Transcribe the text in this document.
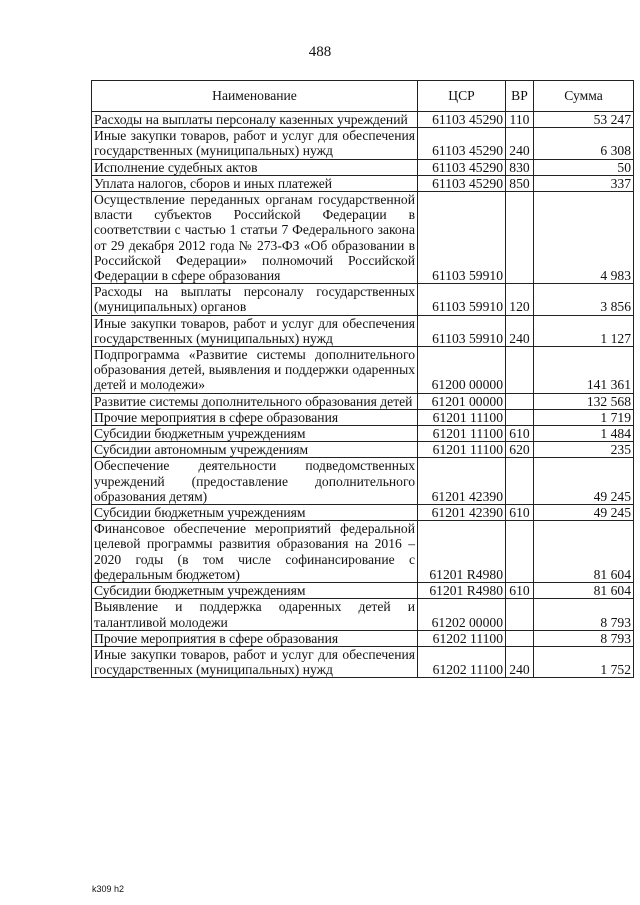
488
Наименование	ЦСР	ВР	Сумма
Расходы на выплаты персоналу казенных учреждений	61103 45290	110	53 247
Иные закупки товаров, работ и услуг для обеспечения государственных (муниципальных) нужд	61103 45290	240	6 308
Исполнение судебных актов	61103 45290	830	50
Уплата налогов, сборов и иных платежей	61103 45290	850	337
Осуществление переданных органам государственной власти субъектов Российской Федерации в соответствии с частью 1 статьи 7 Федерального закона от 29 декабря 2012 года № 273-ФЗ «Об образовании в Российской Федерации» полномочий Российской Федерации в сфере образования	61103 59910		4 983
Расходы на выплаты персоналу государственных (муниципальных) органов	61103 59910	120	3 856
Иные закупки товаров, работ и услуг для обеспечения государственных (муниципальных) нужд	61103 59910	240	1 127
Подпрограмма «Развитие системы дополнительного образования детей, выявления и поддержки одаренных детей и молодежи»	61200 00000		141 361
Развитие системы дополнительного образования детей	61201 00000		132 568
Прочие мероприятия в сфере образования	61201 11100		1 719
Субсидии бюджетным учреждениям	61201 11100	610	1 484
Субсидии автономным учреждениям	61201 11100	620	235
Обеспечение деятельности подведомственных учреждений (предоставление дополнительного образования детям)	61201 42390		49 245
Субсидии бюджетным учреждениям	61201 42390	610	49 245
Финансовое обеспечение мероприятий федеральной целевой программы развития образования на 2016 – 2020 годы (в том числе софинансирование с федеральным бюджетом)	61201 R4980		81 604
Субсидии бюджетным учреждениям	61201 R4980	610	81 604
Выявление и поддержка одаренных детей и талантливой молодежи	61202 00000		8 793
Прочие мероприятия в сфере образования	61202 11100		8 793
Иные закупки товаров, работ и услуг для обеспечения государственных (муниципальных) нужд	61202 11100	240	1 752
k309 h2
